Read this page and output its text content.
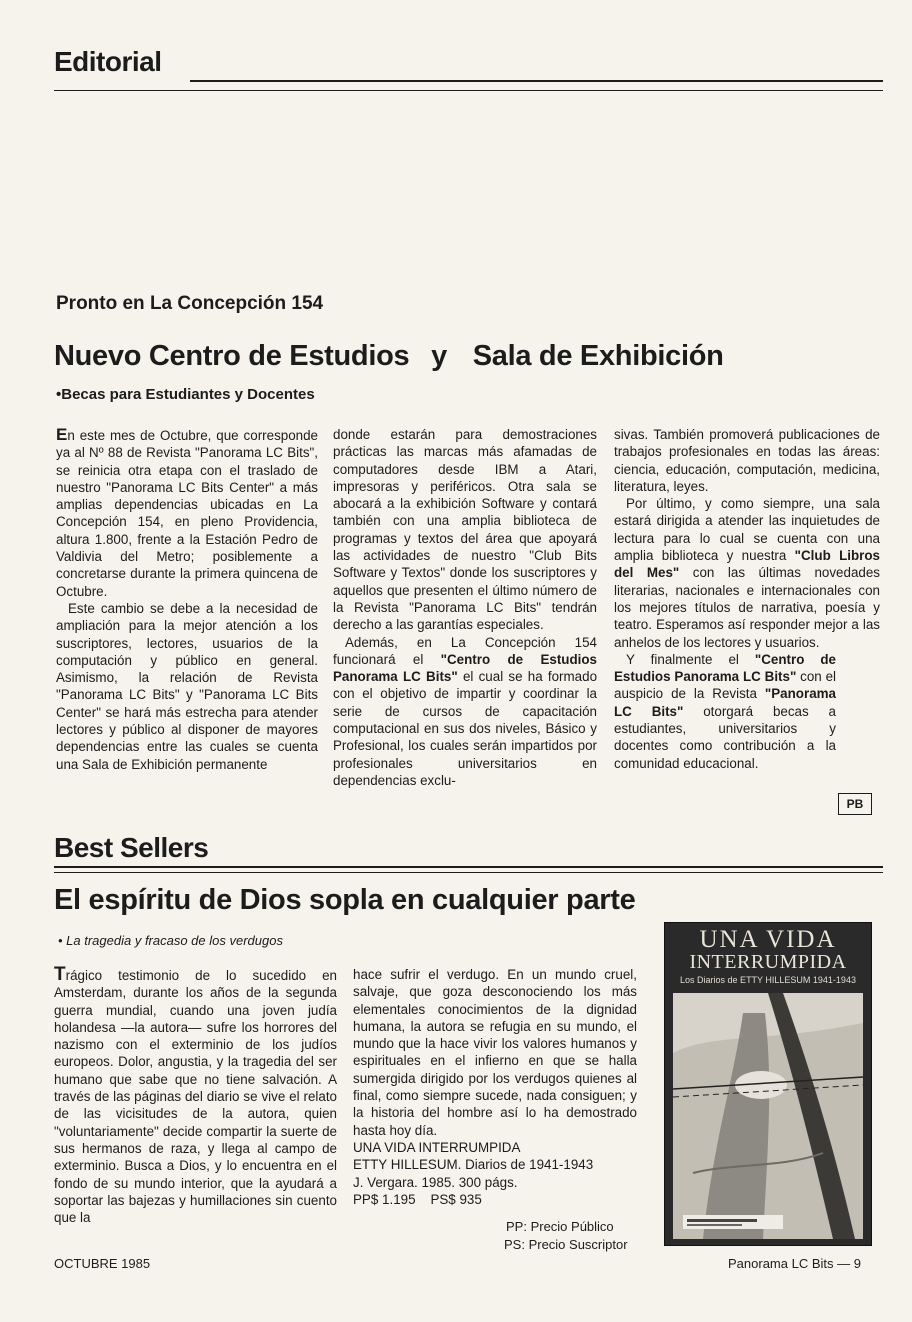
Editorial
Pronto en La Concepción 154
Nuevo Centro de Estudios y Sala de Exhibición
•Becas para Estudiantes y Docentes

En este mes de Octubre, que corresponde ya al Nº 88 de Revista "Panorama LC Bits", se reinicia otra etapa con el traslado de nuestro "Panorama LC Bits Center" a más amplias dependencias ubicadas en La Concepción 154, en pleno Providencia, altura 1.800, frente a la Estación Pedro de Valdivia del Metro; posiblemente a concretarse durante la primera quincena de Octubre.

Este cambio se debe a la necesidad de ampliación para la mejor atención a los suscriptores, lectores, usuarios de la computación y público en general. Asimismo, la relación de Revista "Panorama LC Bits" y "Panorama LC Bits Center" se hará más estrecha para atender lectores y público al disponer de mayores dependencias entre las cuales se cuenta una Sala de Exhibición permanente

donde estarán para demostraciones prácticas las marcas más afamadas de computadores desde IBM a Atari, impresoras y periféricos. Otra sala se abocará a la exhibición Software y contará también con una amplia biblioteca de programas y textos del área que apoyará las actividades de nuestro "Club Bits Software y Textos" donde los suscriptores y aquellos que presenten el último número de la Revista "Panorama LC Bits" tendrán derecho a las garantías especiales.

Además, en La Concepción 154 funcionará el "Centro de Estudios Panorama LC Bits" el cual se ha formado con el objetivo de impartir y coordinar la serie de cursos de capacitación computacional en sus dos niveles, Básico y Profesional, los cuales serán impartidos por profesionales universitarios en dependencias exclu-

sivas. También promoverá publicaciones de trabajos profesionales en todas las áreas: ciencia, educación, computación, medicina, literatura, leyes.

Por último, y como siempre, una sala estará dirigida a atender las inquietudes de lectura para lo cual se cuenta con una amplia biblioteca y nuestra "Club Libros del Mes" con las últimas novedades literarias, nacionales e internacionales con los mejores títulos de narrativa, poesía y teatro. Esperamos así responder mejor a las anhelos de los lectores y usuarios.

Y finalmente el "Centro de Estudios Panorama LC Bits" con el auspicio de la Revista "Panorama LC Bits" otorgará becas a estudiantes, universitarios y docentes como contribución a la comunidad educacional.

PB
Best Sellers
El espíritu de Dios sopla en cualquier parte
• La tragedia y fracaso de los verdugos

Trágico testimonio de lo sucedido en Amsterdam, durante los años de la segunda guerra mundial, cuando una joven judía holandesa —la autora— sufre los horrores del nazismo con el exterminio de los judíos europeos. Dolor, angustia, y la tragedia del ser humano que sabe que no tiene salvación. A través de las páginas del diario se vive el relato de las vicisitudes de la autora, quien "voluntariamente" decide compartir la suerte de sus hermanos de raza, y llega al campo de exterminio. Busca a Dios, y lo encuentra en el fondo de su mundo interior, que la ayudará a soportar las bajezas y humillaciones sin cuento que la

hace sufrir el verdugo. En un mundo cruel, salvaje, que goza desconociendo los más elementales conocimientos de la dignidad humana, la autora se refugia en su mundo, el mundo que la hace vivir los valores humanos y espirituales en el infierno en que se halla sumergida dirigido por los verdugos quienes al final, como siempre sucede, nada consiguen; y la historia del hombre así lo ha demostrado hasta hoy día.

UNA VIDA INTERRUMPIDA

ETTY HILLESUM. Diarios de 1941-1943

J. Vergara. 1985. 300 págs.

PP$ 1.195 PS$ 935

PP: Precio Público
PS: Precio Suscriptor
UNA VIDA
INTERRUMPIDA
Los Diarios de ETTY HILLESUM 1941-1943
OCTUBRE 1985	Panorama LC Bits — 9
